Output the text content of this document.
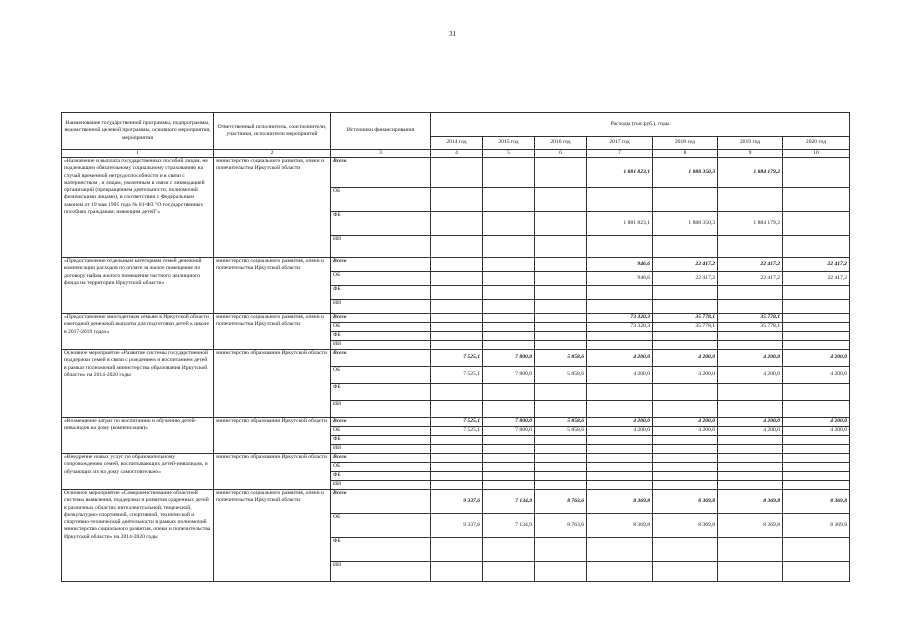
31
Наименование государственной программы, подпрограммы, ведомственной целевой программы, основного мероприятия, мероприятия	Ответственный исполнитель, соисполнители, участники, исполнители мероприятий	Источники финансирования	Расходы (тыс.руб.), годы						
			2014 год	2015 год	2016 год	2017 год	2018 год	2019 год	2020 год
1	2	3	4	5	6	7	8	9	10
«Назначение и выплата государственных пособий лицам, не подлежащим обязательному социальному страхованию на случай временной нетрудоспособности и в связи с материнством , и лицам, уволенным в связи с ликвидацией организаций (прекращением деятельности, полномочий физическими лицами), в соответствии с Федеральным законом от 19 мая 1995 года № 81-ФЗ "О государственных пособиях гражданам, имеющим детей"»	министерство социального развития, опеки и попечительства Иркутской области	Всего				1 881 823,1	1 888 350,3	1 884 179,2	
		ОБ							
		ФБ				1 881 823,1	1 888 350,3	1 884 179,2	
		ИИ							
«Предоставление отдельным категориям семей денежной компенсации расходов по оплате за жилое помещение по договору найма жилого помещения частного жилищного фонда на территории Иркутской области»	министерство социального развития, опеки и попечительства Иркутской области	Всего				946,6	22 417,2	22 417,2	22 417,2
		ОБ				946,6	22 417,2	22 417,2	22 417,2
		ФБ							
		ИИ							
«Предоставление многодетным семьям в Иркутской области ежегодной денежной выплаты для подготовки детей к школе в 2017-2019 годах»	министерство социального развития, опеки и попечительства Иркутской области	Всего				73 320,3	35 778,1	35 778,1	
		ОБ				73 320,3	35 778,1	35 778,1	
		ФБ							
		ИИ							
Основное мероприятие «Развитие системы государственной поддержки семей в связи с рождением и воспитанием детей в рамках полномочий министерства образования Иркутской области» на 2014-2020 годы	министерство образования Иркутской области	Всего	7 525,1	7 800,0	5 858,6	4 200,0	4 200,0	4 200,0	4 200,0
		ОБ	7 525,1	7 800,0	5 858,6	4 200,0	4 200,0	4 200,0	4 200,0
		ФБ							
		ИИ							
«Возмещение затрат по воспитанию и обучению детей-инвалидов на дому (компенсация)»	министерство образования Иркутской области	Всего	7 525,1	7 800,0	5 858,6	4 200,0	4 200,0	4 200,0	4 200,0
		ОБ	7 525,1	7 800,0	5 858,6	4 200,0	4 200,0	4 200,0	4 200,0
		ФБ							
		ИИ							
«Внедрение новых услуг по образовательному сопровождению семей, воспитывающих детей-инвалидов, и обучающих их на дому самостоятельно»	министерство образования Иркутской области	Всего							
		ОБ							
		ФБ							
		ИИ							
Основное мероприятие «Совершенствование областной системы выявления, поддержки и развития одаренных детей в различных областях интеллектуальной, творческой, физкультурно-спортивной, спортивной, технической и спортивно-технической деятельности в рамках полномочий министерства социального развития, опеки и попечительства Иркутской области» на 2014-2020 годы	министерство социального развития, опеки и попечительства Иркутской области	Всего	9 337,6	7 134,9	8 763,6	8 369,8	8 369,8	8 369,8	8 369,8
		ОБ	9 337,6	7 134,9	8 763,6	8 369,8	8 369,8	8 369,8	8 369,8
		ФБ							
		ИИ							
